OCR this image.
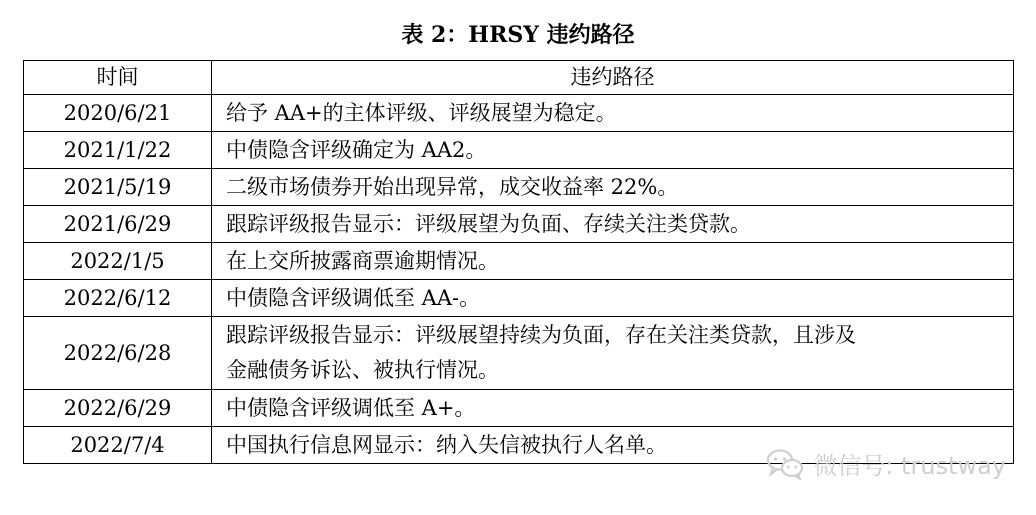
表 2：HRSY 违约路径
时间	违约路径
2020/6/21	给予 AA+的主体评级、评级展望为稳定。
2021/1/22	中债隐含评级确定为 AA2。
2021/5/19	二级市场债券开始出现异常，成交收益率 22%。
2021/6/29	跟踪评级报告显示：评级展望为负面、存续关注类贷款。
2022/1/5	在上交所披露商票逾期情况。
2022/6/12	中债隐含评级调低至 AA-。
2022/6/28	跟踪评级报告显示：评级展望持续为负面，存在关注类贷款，且涉及
金融债务诉讼、被执行情况。

2022/6/29	中债隐含评级调低至 A+。
2022/7/4	中国执行信息网显示：纳入失信被执行人名单。
微信号: trustway
